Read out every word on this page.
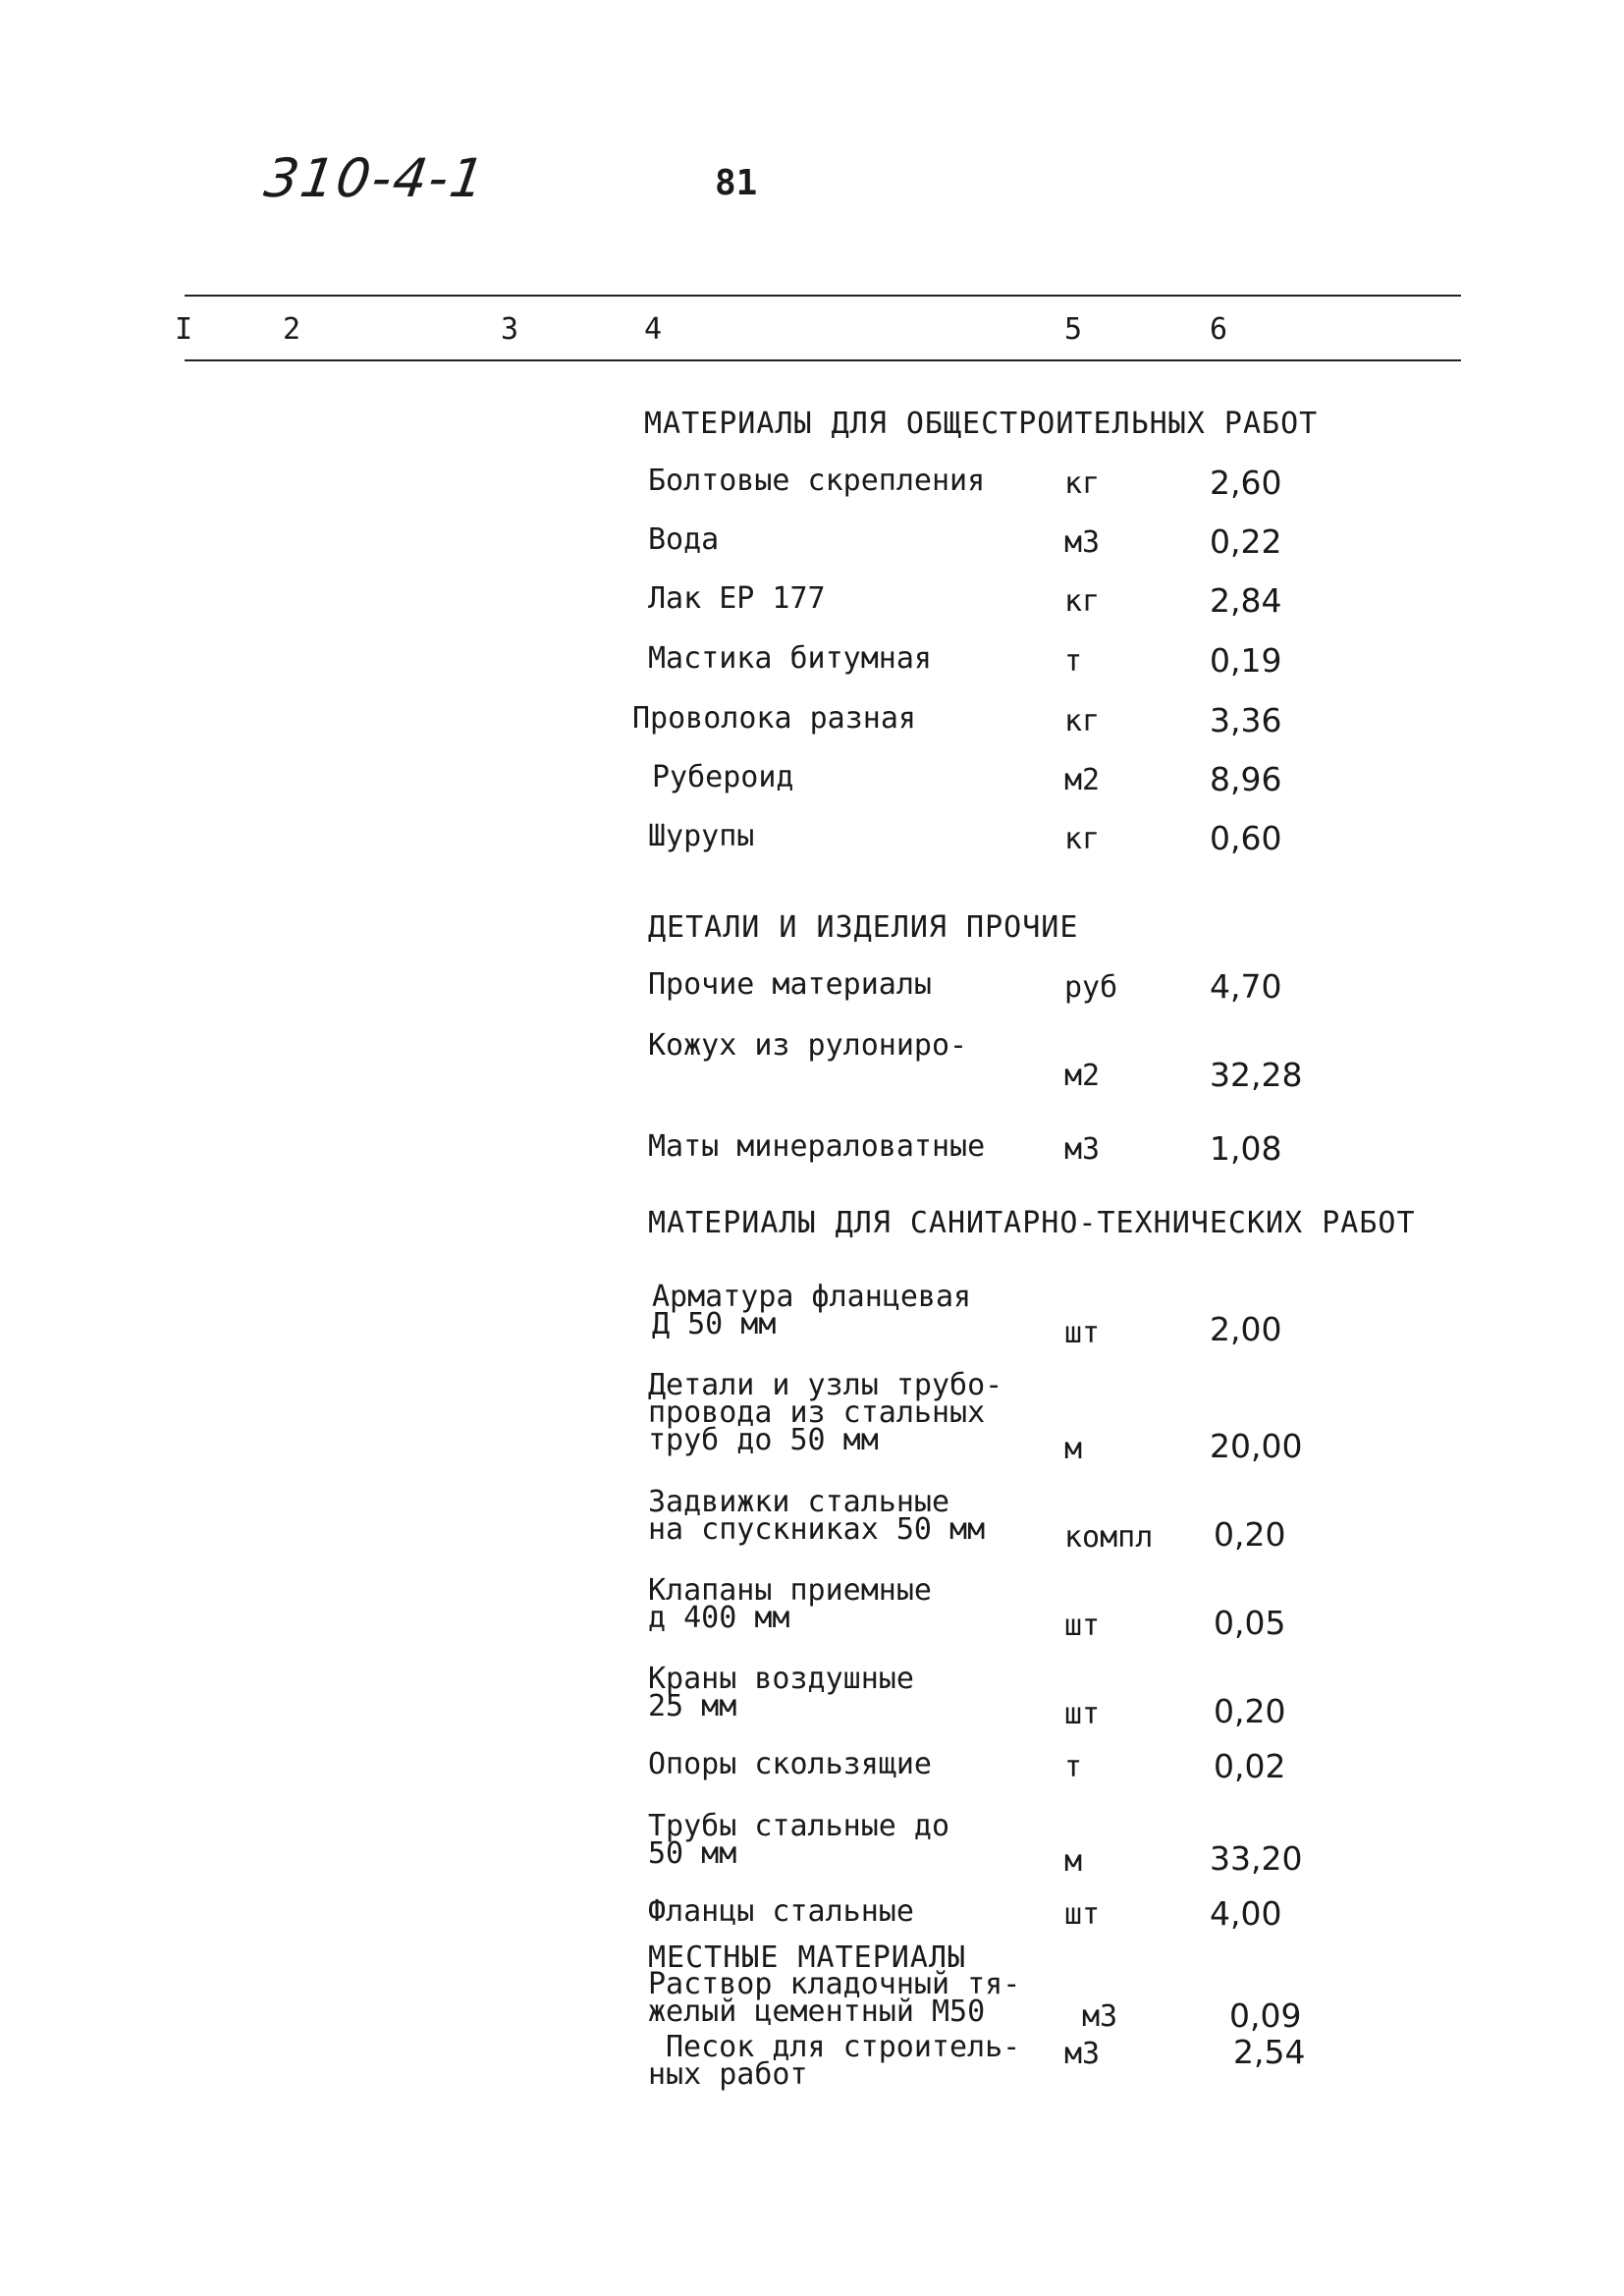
310-4-1	81
I	2	3	4	5	6
МАТЕРИАЛЫ ДЛЯ ОБЩЕСТРОИТЕЛЬНЫХ РАБОТ
Болтовые скрепления	кг	2,60
Вода	м3	0,22
Лак ЕР 177	кг	2,84
Мастика битумная	т	0,19
Проволока разная	кг	3,36
Рубероид	м2	8,96
Шурупы	кг	0,60
ДЕТАЛИ И ИЗДЕЛИЯ ПРОЧИЕ
Прочие материалы	руб	4,70
Кожух из рулониро-
м2	32,28
Маты минераловатные	м3	1,08
МАТЕРИАЛЫ ДЛЯ САНИТАРНО-ТЕХНИЧЕСКИХ РАБОТ
Арматура фланцевая
Д 50 мм	шт	2,00
Детали и узлы трубо-
провода из стальных
труб до 50 мм	м	20,00
Задвижки стальные
на спускниках 50 мм	компл 0,20
Клапаны приемные
д 400 мм	шт	0,05
Краны воздушные
25 мм	шт	0,20
Опоры скользящие	т	0,02
Трубы стальные до
50 мм	м	33,20
Фланцы стальные	шт	4,00
МЕСТНЫЕ МАТЕРИАЛЫ
Раствор кладочный тя-
желый цементный М50	м3	0,09
Песок для строитель-
ных работ
м3	2,54
